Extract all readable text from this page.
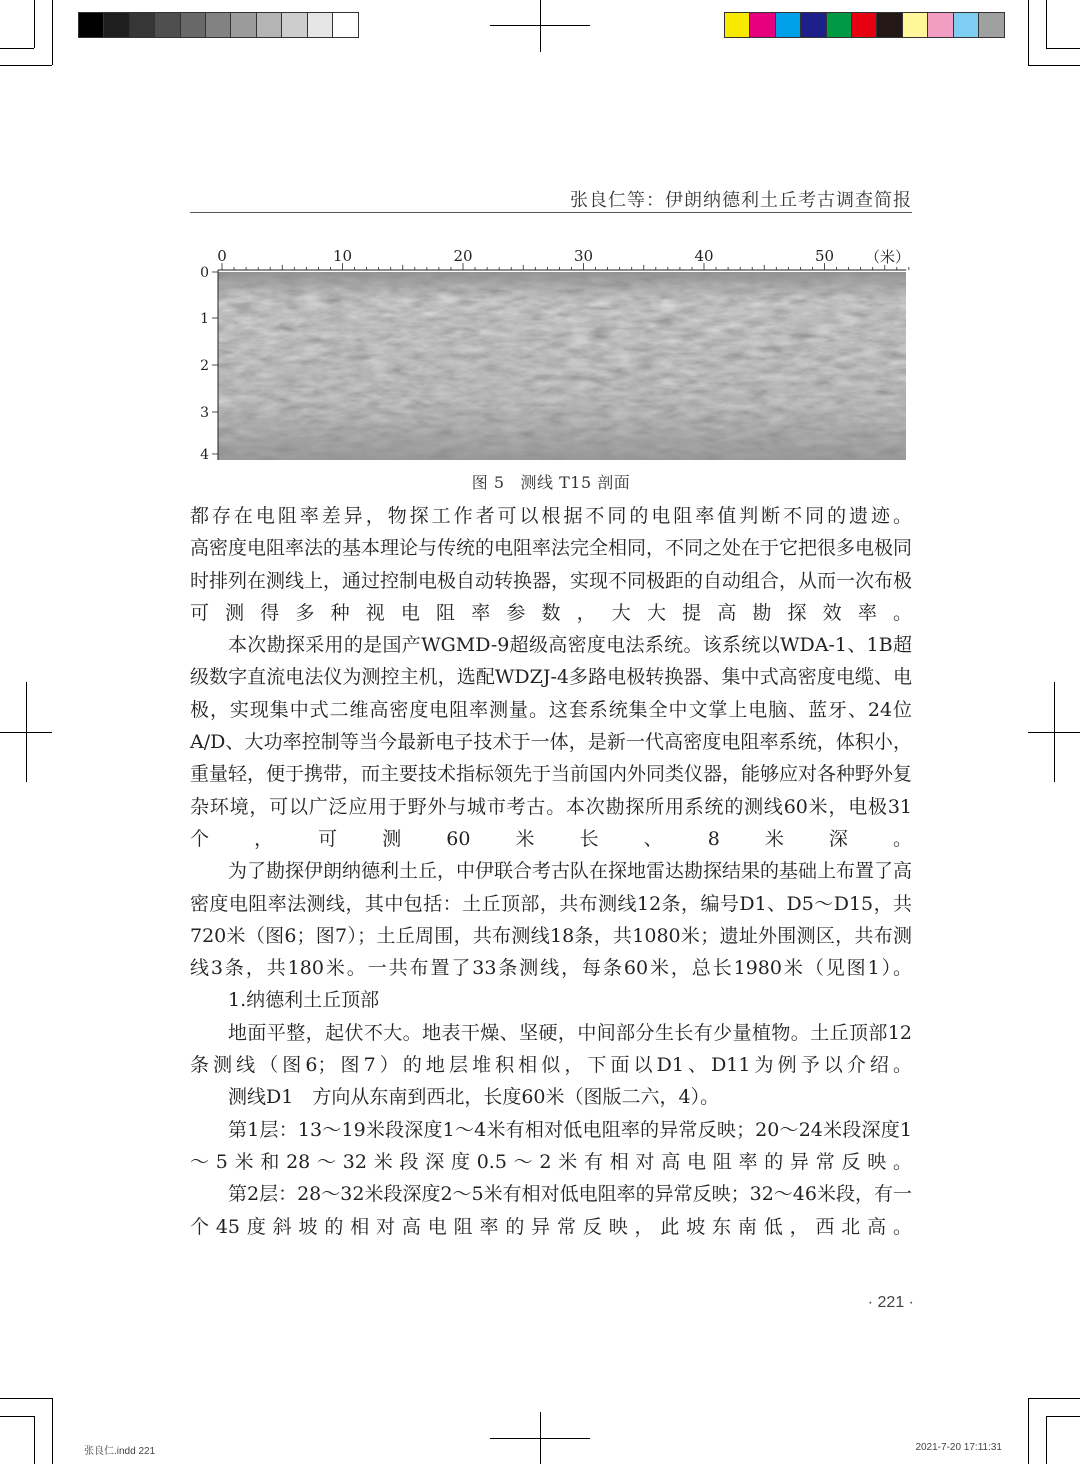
张良仁等：伊朗纳德利土丘考古调查简报
0	10	20	30	40	50
0
1
2
3
4
（米）
图 5 测线 T15 剖面

都存在电阻率差异，物探工作者可以根据不同的电阻率值判断不同的遗迹。

高密度电阻率法的基本理论与传统的电阻率法完全相同，不同之处在于它把很多电极同时排列在测线上，通过控制电极自动转换器，实现不同极距的自动组合，从而一次布极可测得多种视电阻率参数，大大提高勘探效率。

本次勘探采用的是国产WGMD-9超级高密度电法系统。该系统以WDA-1、1B超级数字直流电法仪为测控主机，选配WDZJ-4多路电极转换器、集中式高密度电缆、电极，实现集中式二维高密度电阻率测量。这套系统集全中文掌上电脑、蓝牙、24位A/D、大功率控制等当今最新电子技术于一体，是新一代高密度电阻率系统，体积小，重量轻，便于携带，而主要技术指标领先于当前国内外同类仪器，能够应对各种野外复杂环境，可以广泛应用于野外与城市考古。本次勘探所用系统的测线60米，电极31个，可测60米长、8米深。

为了勘探伊朗纳德利土丘，中伊联合考古队在探地雷达勘探结果的基础上布置了高密度电阻率法测线，其中包括：土丘顶部，共布测线12条，编号D1、D5～D15，共720米（图6；图7）；土丘周围，共布测线18条，共1080米；遗址外围测区，共布测线3条，共180米。一共布置了33条测线，每条60米，总长1980米（见图1）。

1.纳德利土丘顶部

地面平整，起伏不大。地表干燥、坚硬，中间部分生长有少量植物。土丘顶部12条测线（图6；图7）的地层堆积相似，下面以D1、D11为例予以介绍。

测线D1　方向从东南到西北，长度60米（图版二六，4）。

第1层：13～19米段深度1～4米有相对低电阻率的异常反映；20～24米段深度1～5米和28～32米段深度0.5～2米有相对高电阻率的异常反映。

第2层：28～32米段深度2～5米有相对低电阻率的异常反映；32～46米段，有一个45度斜坡的相对高电阻率的异常反映，此坡东南低，西北高。

· 221 ·
张良仁.indd 221	2021-7-20 17:11:31
